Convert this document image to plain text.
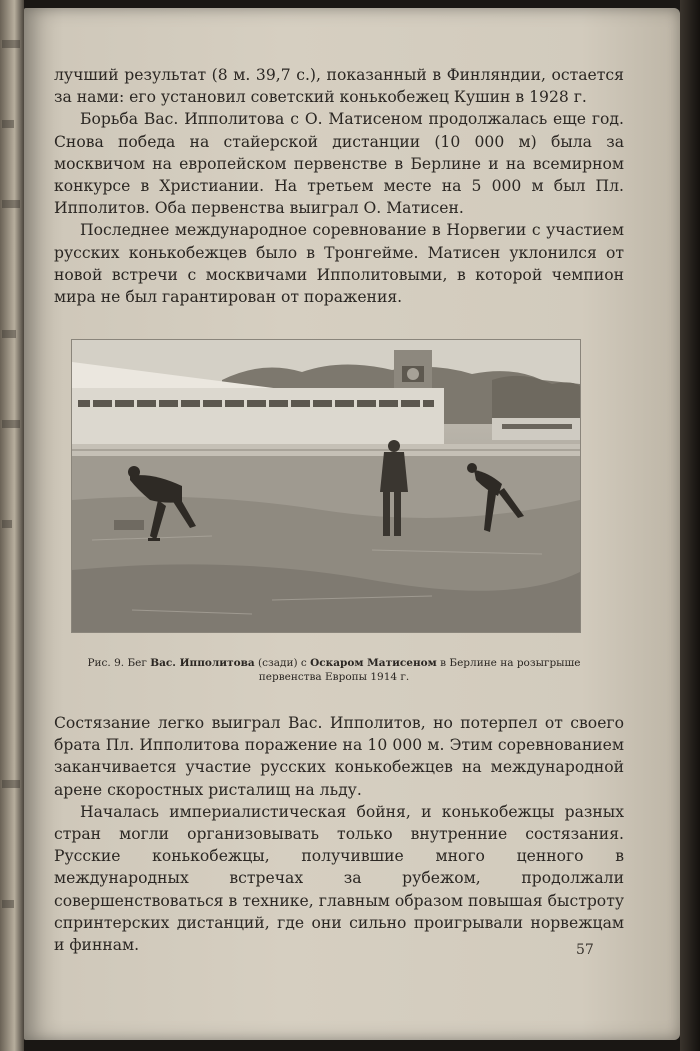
лучший результат (8 м. 39,7 с.), показанный в Финляндии, остается за нами: его установил советский конькобежец Кушин в 1928 г.

Борьба Вас. Ипполитова с О. Матисеном продолжалась еще год. Снова победа на стайерской дистанции (10 000 м) была за москвичом на европейском первенстве в Берлине и на всемирном конкурсе в Христиании. На третьем месте на 5 000 м был Пл. Ипполитов. Оба первенства выиграл О. Матисен.

Последнее международное соревнование в Норвегии с участием русских конькобежцев было в Тронгейме. Матисен уклонился от новой встречи с москвичами Ипполитовыми, в которой чемпион мира не был гарантирован от поражения.

Рис. 9. Бег Вас. Ипполитова (сзади) с Оскаром Матисеном в Берлине на розыгрыше первенства Европы 1914 г.

Состязание легко выиграл Вас. Ипполитов, но потерпел от своего брата Пл. Ипполитова поражение на 10 000 м. Этим соревнованием заканчивается участие русских конькобежцев на международной арене скоростных ристалищ на льду.

Началась империалистическая бойня, и конькобежцы разных стран могли организовывать только внутренние состязания. Русские конькобежцы, получившие много ценного в международных встречах за рубежом, продолжали совершенствоваться в технике, главным образом повышая быстроту спринтерских дистанций, где они сильно проигрывали норвежцам и финнам.	57
